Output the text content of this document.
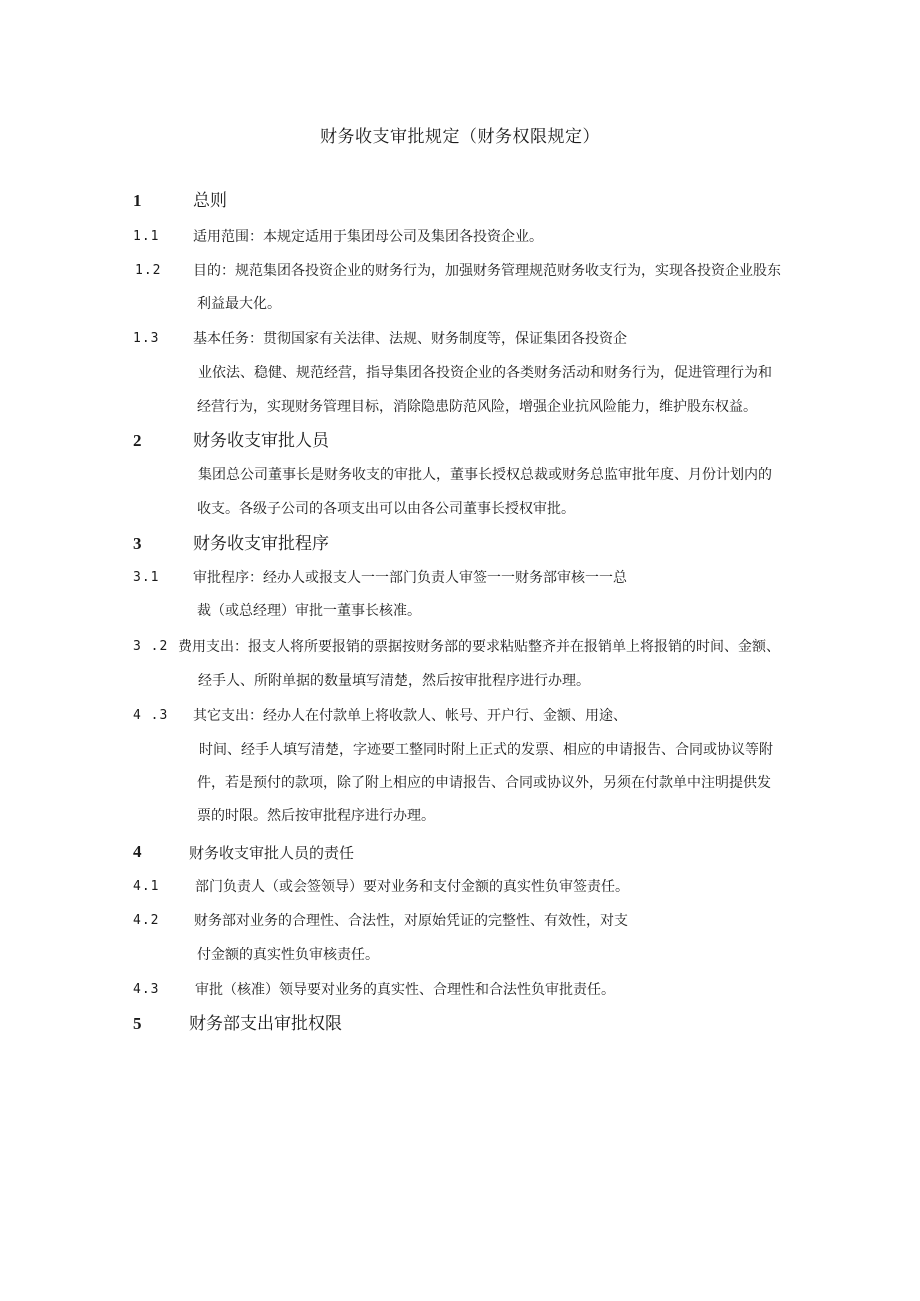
财务收支审批规定（财务权限规定）
1	总则
1.1 适用范围：本规定适用于集团母公司及集团各投资企业。
1.2 目的：规范集团各投资企业的财务行为，加强财务管理规范财务收支行为，实现各投资企业股东
利益最大化。
1.3 基本任务：贯彻国家有关法律、法规、财务制度等，保证集团各投资企
业依法、稳健、规范经营，指导集团各投资企业的各类财务活动和财务行为，促进管理行为和
经营行为，实现财务管理目标，消除隐患防范风险，增强企业抗风险能力，维护股东权益。
2	财务收支审批人员
集团总公司董事长是财务收支的审批人，董事长授权总裁或财务总监审批年度、月份计划内的
收支。各级子公司的各项支出可以由各公司董事长授权审批。
3	财务收支审批程序
3.1 审批程序：经办人或报支人一一部门负责人审签一一财务部审核一一总
裁（或总经理）审批一董事长核准。
3 .2 费用支出：报支人将所要报销的票据按财务部的要求粘贴整齐并在报销单上将报销的时间、金额、
经手人、所附单据的数量填写清楚，然后按审批程序进行办理。
4 .3 其它支出：经办人在付款单上将收款人、帐号、开户行、金额、用途、
时间、经手人填写清楚，字迹要工整同时附上正式的发票、相应的申请报告、合同或协议等附
件，若是预付的款项，除了附上相应的申请报告、合同或协议外，另须在付款单中注明提供发
票的时限。然后按审批程序进行办理。
4	财务收支审批人员的责任
4.1	部门负责人（或会签领导）要对业务和支付金额的真实性负审签责任。
4.2 财务部对业务的合理性、合法性，对原始凭证的完整性、有效性，对支
付金额的真实性负审核责任。
4.3	审批（核准）领导要对业务的真实性、合理性和合法性负审批责任。
5	财务部支出审批权限
